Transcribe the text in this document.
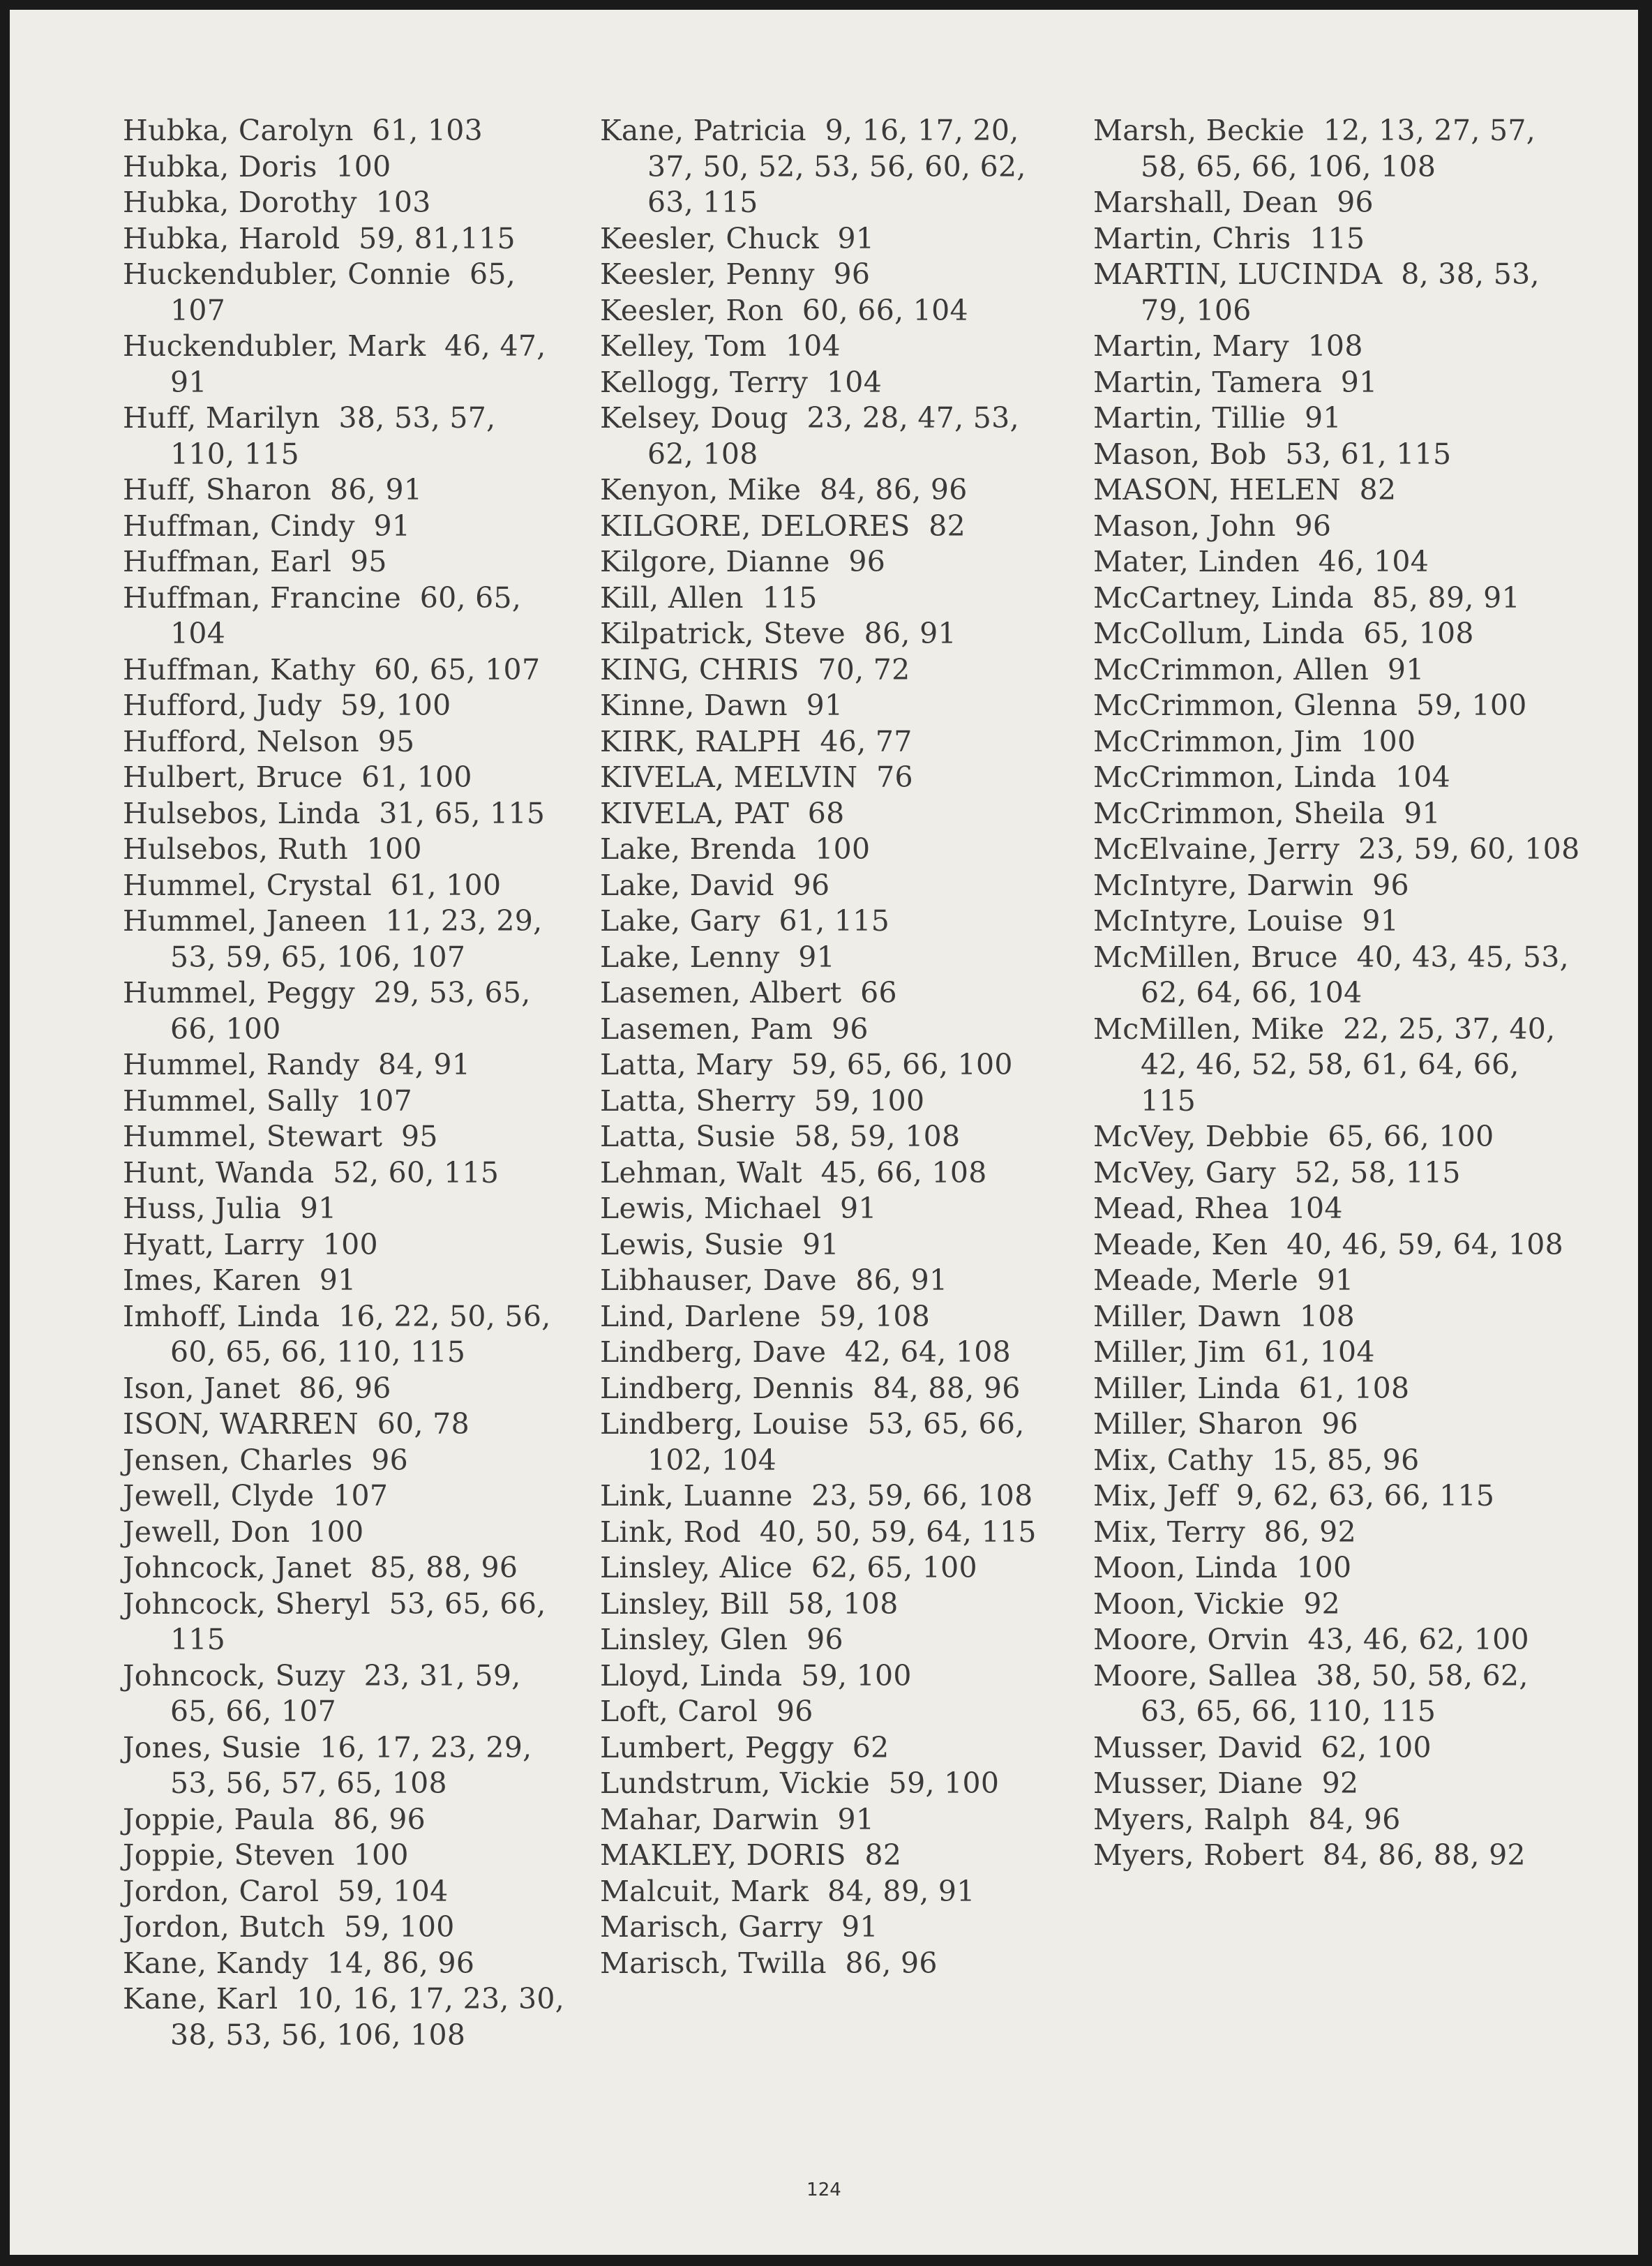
Hubka, Carolyn 61, 103
Hubka, Doris 100
Hubka, Dorothy 103
Hubka, Harold 59, 81,115
Huckendubler, Connie 65, 107
Huckendubler, Mark 46, 47, 91
Huff, Marilyn 38, 53, 57, 110, 115
Huff, Sharon 86, 91
Huffman, Cindy 91
Huffman, Earl 95
Huffman, Francine 60, 65, 104
Huffman, Kathy 60, 65, 107
Hufford, Judy 59, 100
Hufford, Nelson 95
Hulbert, Bruce 61, 100
Hulsebos, Linda 31, 65, 115
Hulsebos, Ruth 100
Hummel, Crystal 61, 100
Hummel, Janeen 11, 23, 29, 53, 59, 65, 106, 107
Hummel, Peggy 29, 53, 65, 66, 100
Hummel, Randy 84, 91
Hummel, Sally 107
Hummel, Stewart 95
Hunt, Wanda 52, 60, 115
Huss, Julia 91
Hyatt, Larry 100
Imes, Karen 91
Imhoff, Linda 16, 22, 50, 56, 60, 65, 66, 110, 115
Ison, Janet 86, 96
ISON, WARREN 60, 78
Jensen, Charles 96
Jewell, Clyde 107
Jewell, Don 100
Johncock, Janet 85, 88, 96
Johncock, Sheryl 53, 65, 66, 115
Johncock, Suzy 23, 31, 59, 65, 66, 107
Jones, Susie 16, 17, 23, 29, 53, 56, 57, 65, 108
Joppie, Paula 86, 96
Joppie, Steven 100
Jordon, Carol 59, 104
Jordon, Butch 59, 100
Kane, Kandy 14, 86, 96
Kane, Karl 10, 16, 17, 23, 30, 38, 53, 56, 106, 108
Kane, Patricia 9, 16, 17, 20, 37, 50, 52, 53, 56, 60, 62, 63, 115
Keesler, Chuck 91
Keesler, Penny 96
Keesler, Ron 60, 66, 104
Kelley, Tom 104
Kellogg, Terry 104
Kelsey, Doug 23, 28, 47, 53, 62, 108
Kenyon, Mike 84, 86, 96
KILGORE, DELORES 82
Kilgore, Dianne 96
Kill, Allen 115
Kilpatrick, Steve 86, 91
KING, CHRIS 70, 72
Kinne, Dawn 91
KIRK, RALPH 46, 77
KIVELA, MELVIN 76
KIVELA, PAT 68
Lake, Brenda 100
Lake, David 96
Lake, Gary 61, 115
Lake, Lenny 91
Lasemen, Albert 66
Lasemen, Pam 96
Latta, Mary 59, 65, 66, 100
Latta, Sherry 59, 100
Latta, Susie 58, 59, 108
Lehman, Walt 45, 66, 108
Lewis, Michael 91
Lewis, Susie 91
Libhauser, Dave 86, 91
Lind, Darlene 59, 108
Lindberg, Dave 42, 64, 108
Lindberg, Dennis 84, 88, 96
Lindberg, Louise 53, 65, 66, 102, 104
Link, Luanne 23, 59, 66, 108
Link, Rod 40, 50, 59, 64, 115
Linsley, Alice 62, 65, 100
Linsley, Bill 58, 108
Linsley, Glen 96
Lloyd, Linda 59, 100
Loft, Carol 96
Lumbert, Peggy 62
Lundstrum, Vickie 59, 100
Mahar, Darwin 91
MAKLEY, DORIS 82
Malcuit, Mark 84, 89, 91
Marisch, Garry 91
Marisch, Twilla 86, 96
Marsh, Beckie 12, 13, 27, 57, 58, 65, 66, 106, 108
Marshall, Dean 96
Martin, Chris 115
MARTIN, LUCINDA 8, 38, 53, 79, 106
Martin, Mary 108
Martin, Tamera 91
Martin, Tillie 91
Mason, Bob 53, 61, 115
MASON, HELEN 82
Mason, John 96
Mater, Linden 46, 104
McCartney, Linda 85, 89, 91
McCollum, Linda 65, 108
McCrimmon, Allen 91
McCrimmon, Glenna 59, 100
McCrimmon, Jim 100
McCrimmon, Linda 104
McCrimmon, Sheila 91
McElvaine, Jerry 23, 59, 60, 108
McIntyre, Darwin 96
McIntyre, Louise 91
McMillen, Bruce 40, 43, 45, 53, 62, 64, 66, 104
McMillen, Mike 22, 25, 37, 40, 42, 46, 52, 58, 61, 64, 66, 115
McVey, Debbie 65, 66, 100
McVey, Gary 52, 58, 115
Mead, Rhea 104
Meade, Ken 40, 46, 59, 64, 108
Meade, Merle 91
Miller, Dawn 108
Miller, Jim 61, 104
Miller, Linda 61, 108
Miller, Sharon 96
Mix, Cathy 15, 85, 96
Mix, Jeff 9, 62, 63, 66, 115
Mix, Terry 86, 92
Moon, Linda 100
Moon, Vickie 92
Moore, Orvin 43, 46, 62, 100
Moore, Sallea 38, 50, 58, 62, 63, 65, 66, 110, 115
Musser, David 62, 100
Musser, Diane 92
Myers, Ralph 84, 96
Myers, Robert 84, 86, 88, 92
124
